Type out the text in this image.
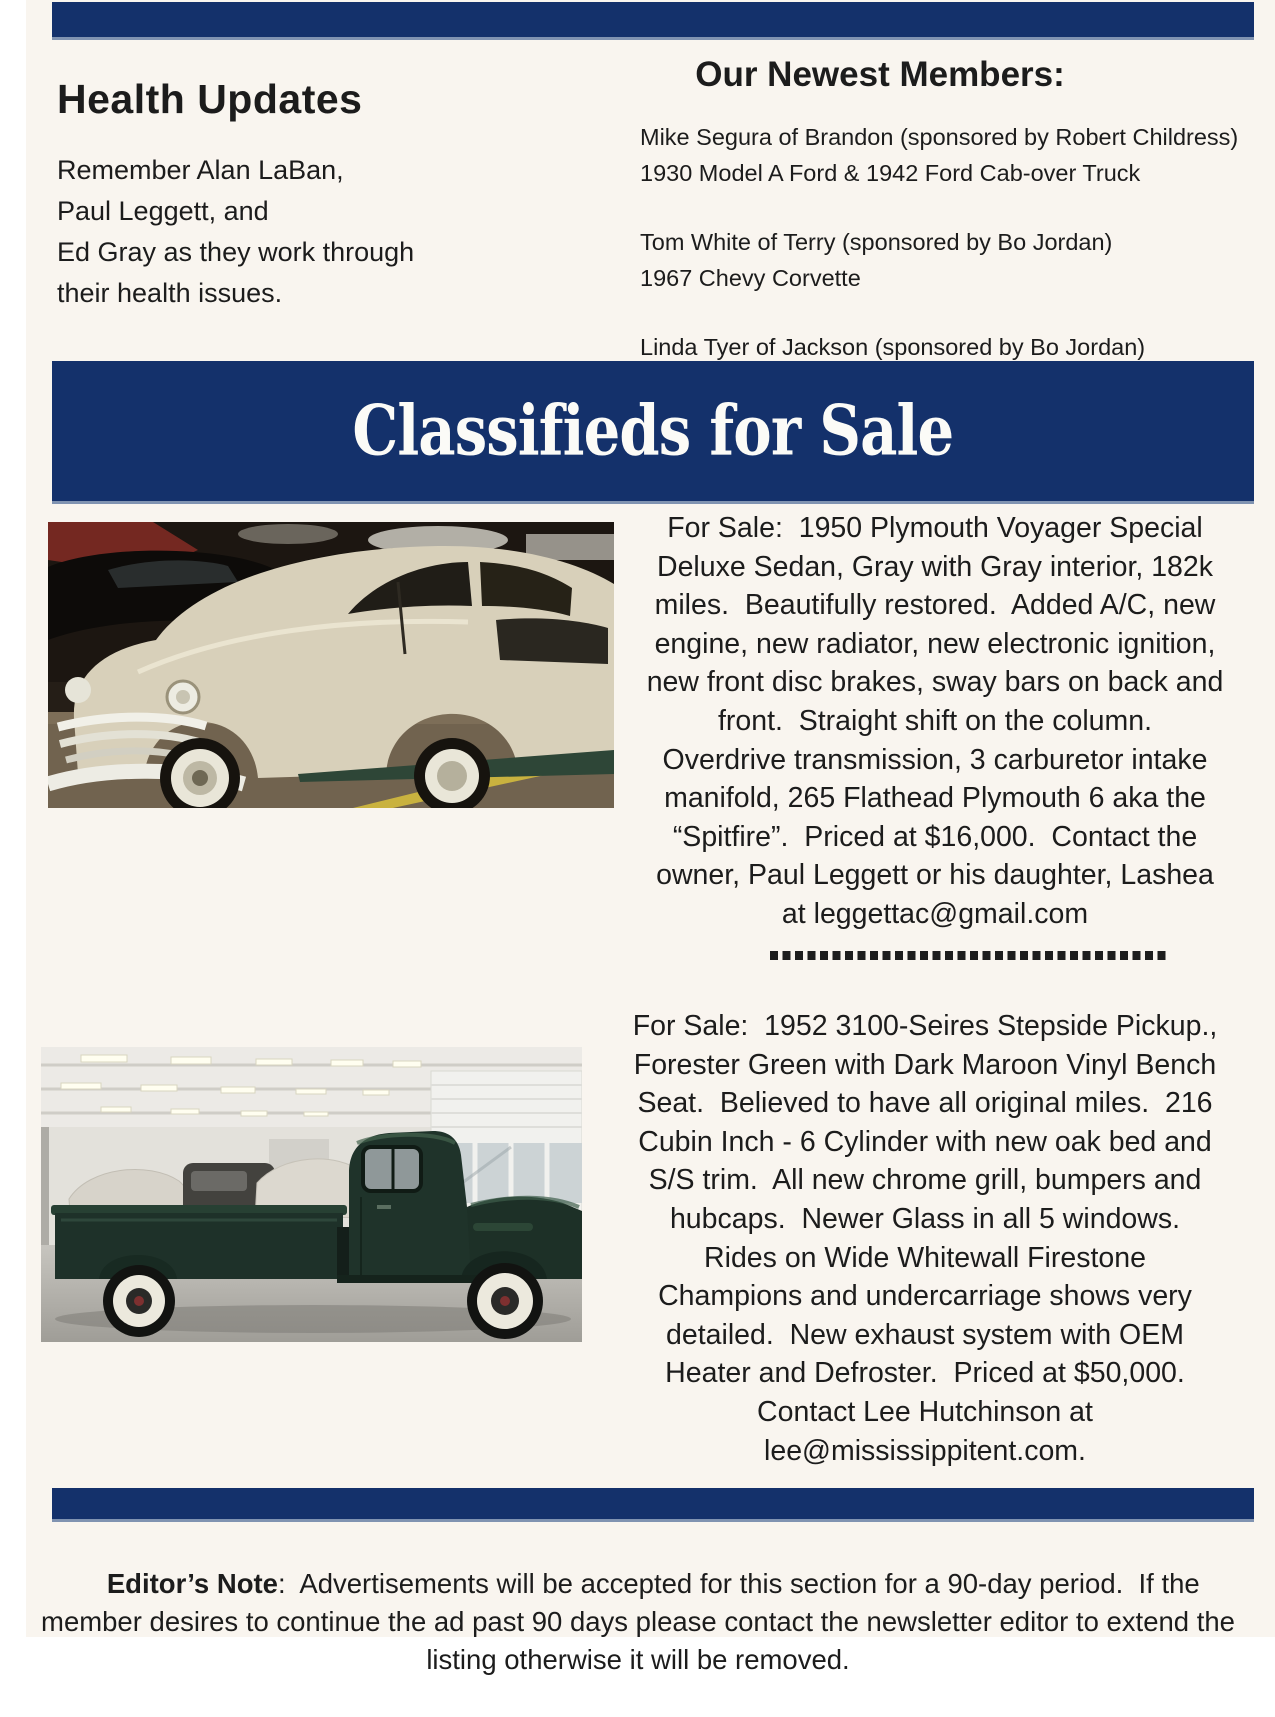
Health Updates
Remember Alan LaBan,
Paul Leggett, and
Ed Gray as they work through
their health issues.
Our Newest Members:
Mike Segura of Brandon (sponsored by Robert Childress)
1930 Model A Ford & 1942 Ford Cab-over Truck
Tom White of Terry (sponsored by Bo Jordan)
1967 Chevy Corvette
Linda Tyer of Jackson (sponsored by Bo Jordan)
Classifieds for Sale
For Sale:  1950 Plymouth Voyager Special
Deluxe Sedan, Gray with Gray interior, 182k
miles.  Beautifully restored.  Added A/C, new
engine, new radiator, new electronic ignition,
new front disc brakes, sway bars on back and
front.  Straight shift on the column.
Overdrive transmission, 3 carburetor intake
manifold, 265 Flathead Plymouth 6 aka the
“Spitfire”.  Priced at $16,000.  Contact the
owner, Paul Leggett or his daughter, Lashea
at leggettac@gmail.com
For Sale:  1952 3100-Seires Stepside Pickup.,
Forester Green with Dark Maroon Vinyl Bench
Seat.  Believed to have all original miles.  216
Cubin Inch - 6 Cylinder with new oak bed and
S/S trim.  All new chrome grill, bumpers and
hubcaps.  Newer Glass in all 5 windows.
Rides on Wide Whitewall Firestone
Champions and undercarriage shows very
detailed.  New exhaust system with OEM
Heater and Defroster.  Priced at $50,000.
Contact Lee Hutchinson at
lee@mississippitent.com.

Editor’s Note:  Advertisements will be accepted for this section for a 90-day period.  If the member desires to continue the ad past 90 days please contact the newsletter editor to extend the listing otherwise it will be removed.
